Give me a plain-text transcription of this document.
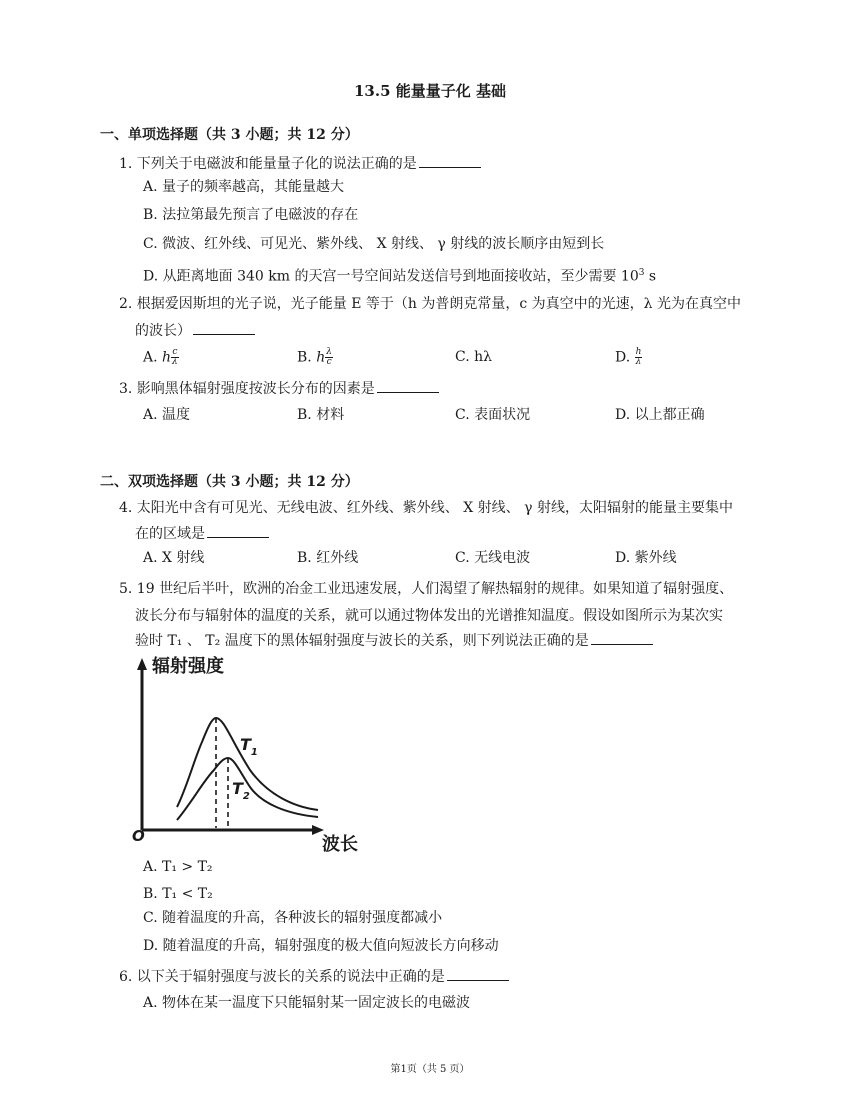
13.5 能量量子化 基础
一、单项选择题（共 3 小题；共 12 分）
1. 下列关于电磁波和能量量子化的说法正确的是
A. 量子的频率越高，其能量越大
B. 法拉第最先预言了电磁波的存在
C. 微波、红外线、可见光、紫外线、 X 射线、 γ 射线的波长顺序由短到长
D. 从距离地面 340 km 的天宫一号空间站发送信号到地面接收站，至少需要 $10^3$ s
2. 根据爱因斯坦的光子说，光子能量 E 等于（h 为普朗克常量，c 为真空中的光速，λ 光为在真空中
的波长）
A. h $\frac{c}{\lambda}$	B. h $\frac{\lambda}{c}$	C. hλ	D. $\frac{h}{\lambda}$
3. 影响黑体辐射强度按波长分布的因素是
A. 温度	B. 材料	C. 表面状况	D. 以上都正确
二、双项选择题（共 3 小题；共 12 分）
4. 太阳光中含有可见光、无线电波、红外线、紫外线、 X 射线、 γ 射线，太阳辐射的能量主要集中
在的区域是
A. X 射线	B. 红外线	C. 无线电波	D. 紫外线
5. 19 世纪后半叶，欧洲的冶金工业迅速发展，人们渴望了解热辐射的规律。如果知道了辐射强度、
波长分布与辐射体的温度的关系，就可以通过物体发出的光谱推知温度。假设如图所示为某次实
验时 T₁ 、 T₂ 温度下的黑体辐射强度与波长的关系，则下列说法正确的是
辐射强度
O	波长
$T_1$
$T_2$
A. T₁ > T₂
B. T₁ < T₂
C. 随着温度的升高，各种波长的辐射强度都减小
D. 随着温度的升高，辐射强度的极大值向短波长方向移动
6. 以下关于辐射强度与波长的关系的说法中正确的是
A. 物体在某一温度下只能辐射某一固定波长的电磁波
第1页（共 5 页）
